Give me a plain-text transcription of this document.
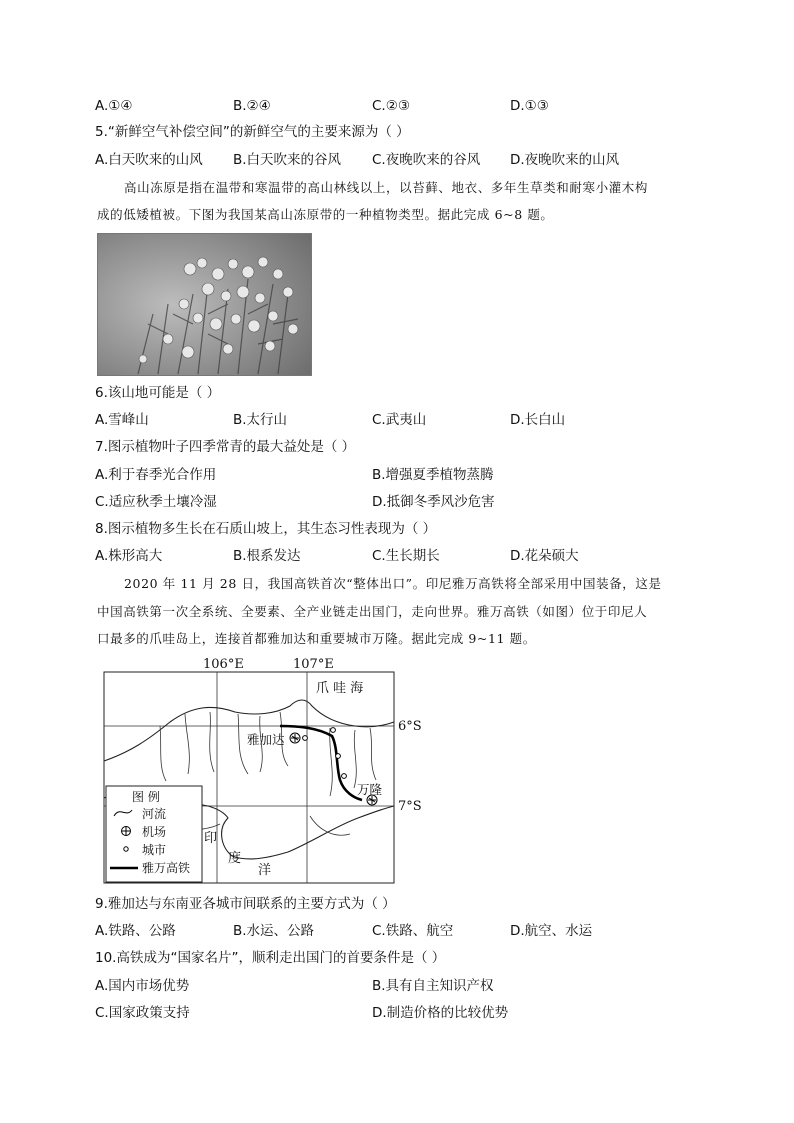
A.①④	B.②④	C.②③	D.①③
5.“新鲜空气补偿空间”的新鲜空气的主要来源为（ ）
A.白天吹来的山风 B.白天吹来的谷风 C.夜晚吹来的谷风 D.夜晚吹来的山风
高山冻原是指在温带和寒温带的高山林线以上，以苔藓、地衣、多年生草类和耐寒小灌木构
成的低矮植被。下图为我国某高山冻原带的一种植物类型。据此完成 6~8 题。
6.该山地可能是（ ）
A.雪峰山	B.太行山	C.武夷山	D.长白山
7.图示植物叶子四季常青的最大益处是（ ）
A.利于春季光合作用	B.增强夏季植物蒸腾
C.适应秋季土壤冷湿	D.抵御冬季风沙危害
8.图示植物多生长在石质山坡上，其生态习性表现为（ ）
A.株形高大	B.根系发达	C.生长期长	D.花朵硕大
2020 年 11 月 28 日，我国高铁首次“整体出口”。印尼雅万高铁将全部采用中国装备，这是
中国高铁第一次全系统、全要素、全产业链走出国门，走向世界。雅万高铁（如图）位于印尼人
口最多的爪哇岛上，连接首都雅加达和重要城市万隆。据此完成 9~11 题。
106°E	107°E
6°S
7°S
爪 哇 海
雅加达
万隆
印
度
洋
图 例
河流
机场
城市
雅万高铁
9.雅加达与东南亚各城市间联系的主要方式为（ ）
A.铁路、公路	B.水运、公路	C.铁路、航空	D.航空、水运
10.高铁成为“国家名片”，顺利走出国门的首要条件是（ ）
A.国内市场优势	B.具有自主知识产权
C.国家政策支持	D.制造价格的比较优势
